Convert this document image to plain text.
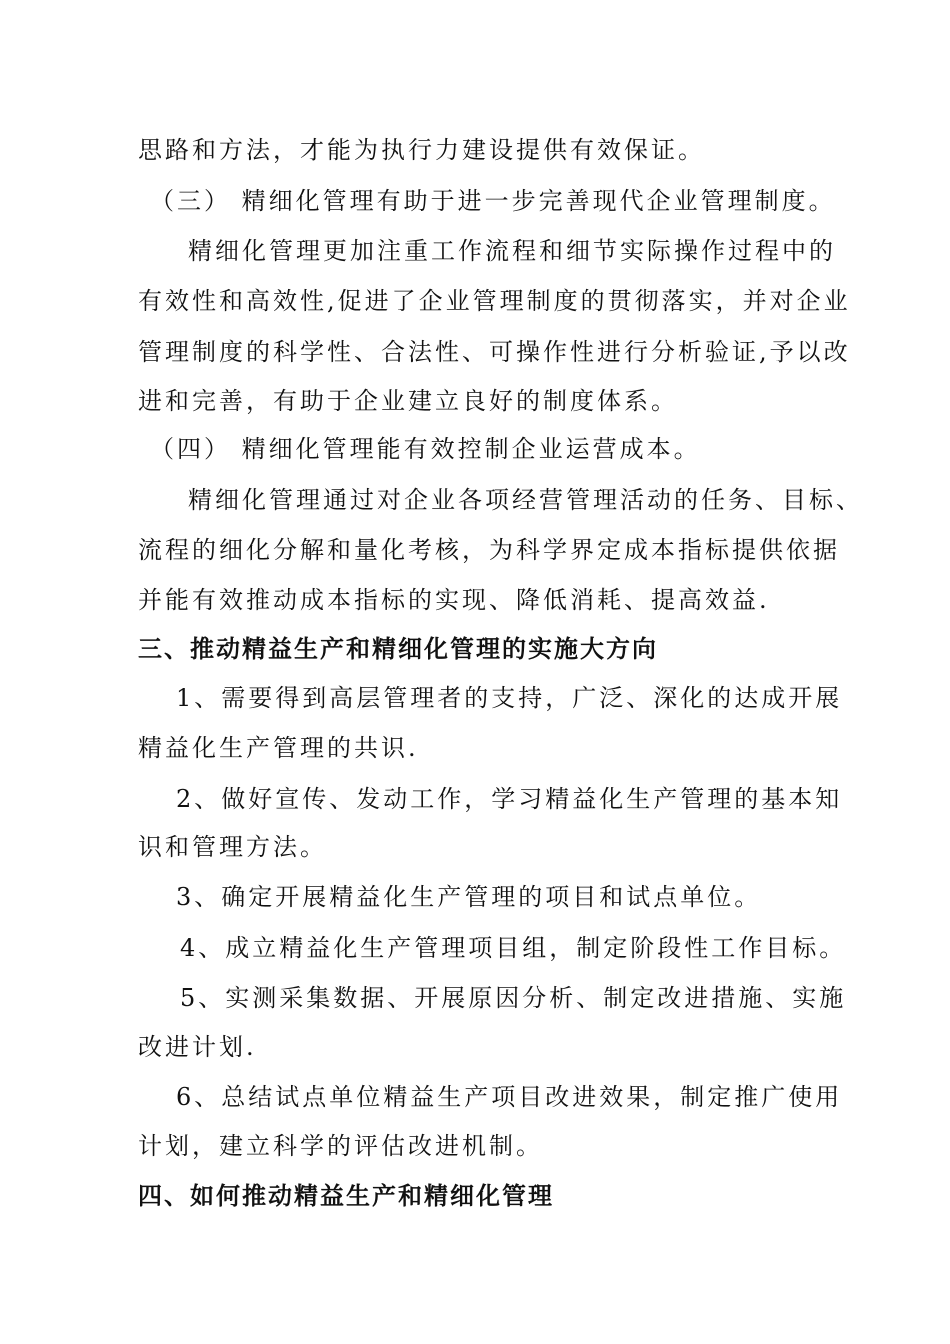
思路和方法，才能为执行力建设提供有效保证。
（三） 精细化管理有助于进一步完善现代企业管理制度。
精细化管理更加注重工作流程和细节实际操作过程中的
有效性和高效性,促进了企业管理制度的贯彻落实，并对企业
管理制度的科学性、合法性、可操作性进行分析验证,予以改
进和完善，有助于企业建立良好的制度体系。
（四） 精细化管理能有效控制企业运营成本。
精细化管理通过对企业各项经营管理活动的任务、目标、
流程的细化分解和量化考核，为科学界定成本指标提供依据
并能有效推动成本指标的实现、降低消耗、提高效益.
三、推动精益生产和精细化管理的实施大方向
1、需要得到高层管理者的支持，广泛、深化的达成开展
精益化生产管理的共识.
2、做好宣传、发动工作，学习精益化生产管理的基本知
识和管理方法。
3、确定开展精益化生产管理的项目和试点单位。
4、成立精益化生产管理项目组，制定阶段性工作目标。
5、实测采集数据、开展原因分析、制定改进措施、实施
改进计划.
6、总结试点单位精益生产项目改进效果，制定推广使用
计划，建立科学的评估改进机制。
四、如何推动精益生产和精细化管理
